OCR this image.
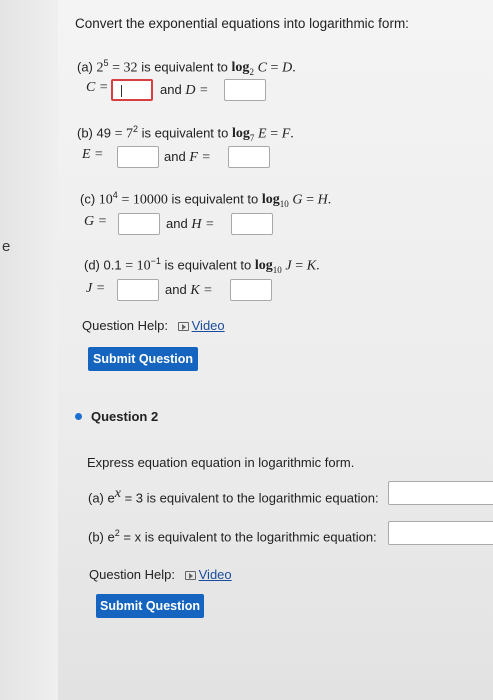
e
Convert the exponential equations into logarithmic form:
(a) $2^5 = 32$ is equivalent to $\log_2 C = D$.
C =	and D =
(b) $49 = 7^2$ is equivalent to $\log_7 E = F$.
E =	and F =
(c) $10^4 = 10000$ is equivalent to $\log_{10} G = H$.
G =	and H =
(d) $0.1 = 10^{-1}$ is equivalent to $\log_{10} J = K$.
J =	and K =
Question Help: Video
Submit Question
Question 2
Express equation equation in logarithmic form.
(a) $e^x = 3$ is equivalent to the logarithmic equation:
(b) $e^2 = x$ is equivalent to the logarithmic equation:
Question Help: Video
Submit Question
